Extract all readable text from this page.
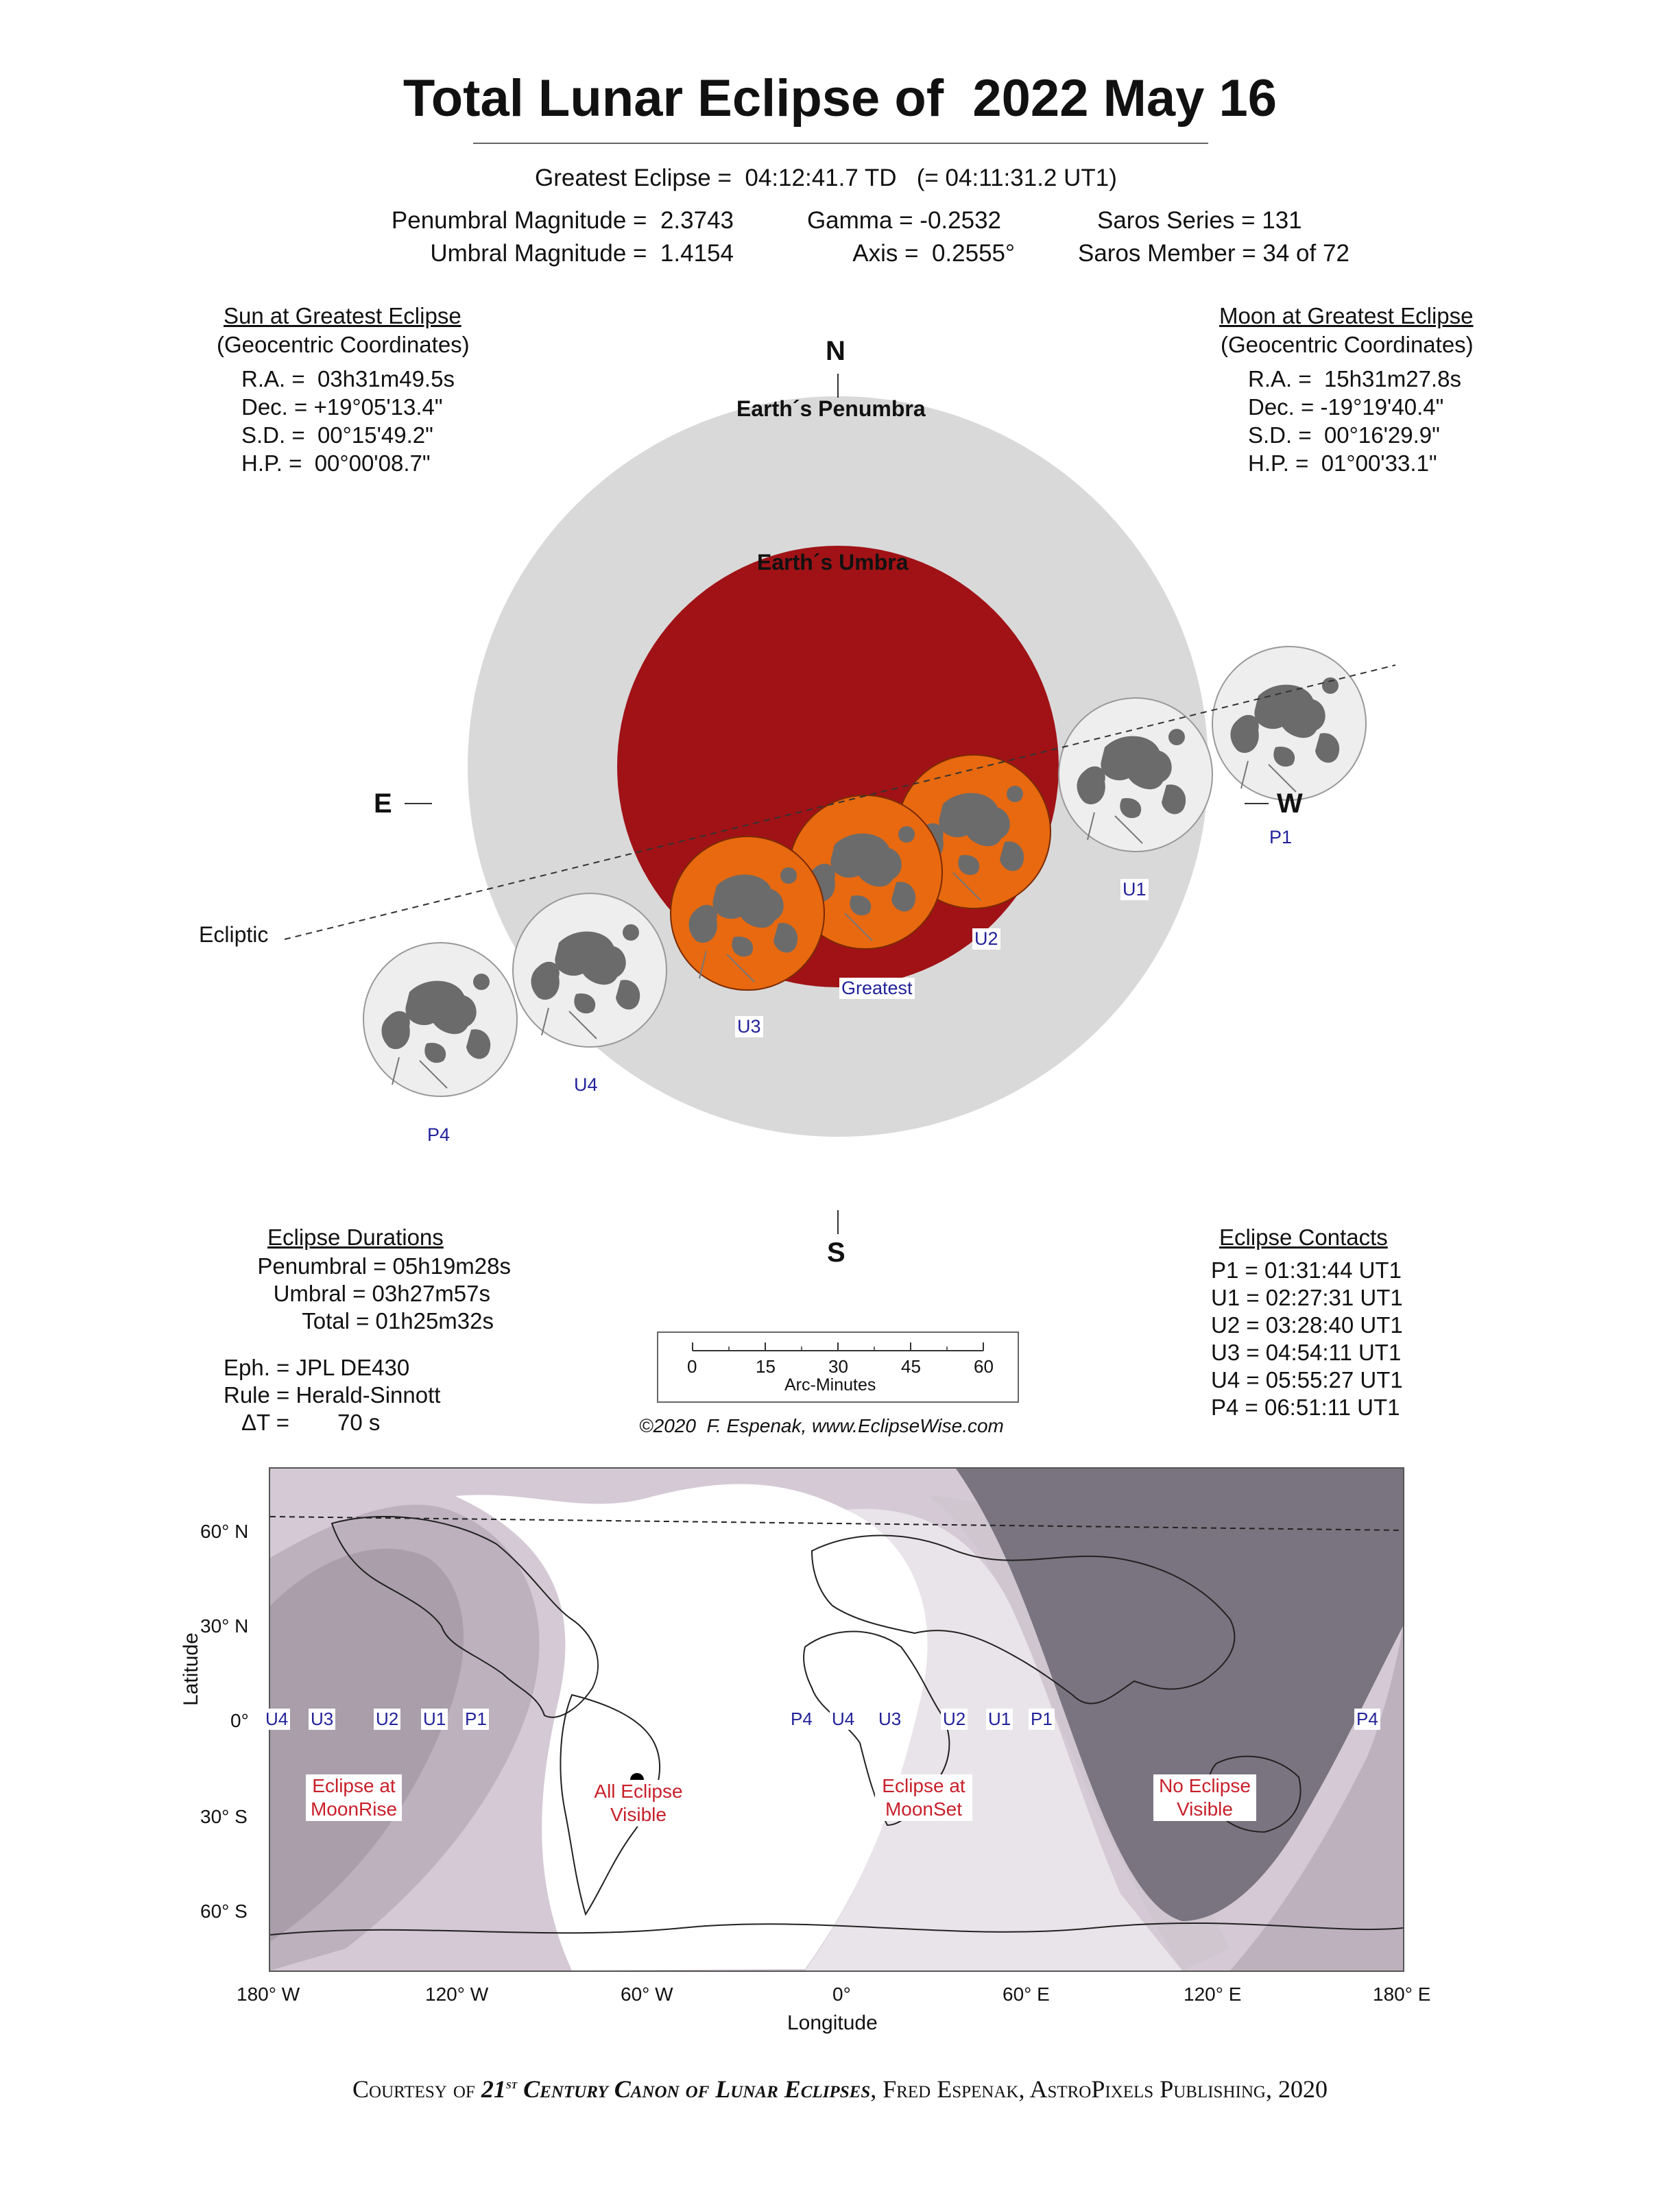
Total Lunar Eclipse of  2022 May 16
Greatest Eclipse =  04:12:41.7 TD   (= 04:11:31.2 UT1)
Penumbral Magnitude =  2.3743
Umbral Magnitude =  1.4154
Gamma = -0.2532
Axis =  0.2555°
Saros Series = 131
Saros Member = 34 of 72
Sun at Greatest Eclipse
(Geocentric Coordinates)
R.A. =  03h31m49.5s
Dec. = +19°05'13.4"
S.D. =  00°15'49.2"
H.P. =  00°00'08.7"
Moon at Greatest Eclipse
(Geocentric Coordinates)
R.A. =  15h31m27.8s
Dec. = -19°19'40.4"
S.D. =  00°16'29.9"
H.P. =  01°00'33.1"
N
S
E	W
Earth´s Penumbra
Earth´s Umbra
Ecliptic
P1
U1
U2
Greatest
U3
U4
P4
Eclipse Durations
Penumbral = 05h19m28s
Umbral = 03h27m57s
Total = 01h25m32s
Eph. = JPL DE430
Rule = Herald-Sinnott
ΔT = 70 s
0	15	30	45	60
Arc-Minutes
©2020  F. Espenak, www.EclipseWise.com
Eclipse Contacts
P1 = 01:31:44 UT1
U1 = 02:27:31 UT1
U2 = 03:28:40 UT1
U3 = 04:54:11 UT1
U4 = 05:55:27 UT1
P4 = 06:51:11 UT1
60° N
30° N
0°
30° S
60° S
Latitude
180° W	120° W	60° W	0°	60° E	120° E	180° E
Longitude
U4 U3 U2 U1 P1	P4 U4 U3 U2 U1 P1	P4
Eclipse at
MoonRise
All Eclipse
Visible
Eclipse at
MoonSet
No Eclipse
Visible
Courtesy of 21st Century Canon of Lunar Eclipses, Fred Espenak, AstroPixels Publishing, 2020
